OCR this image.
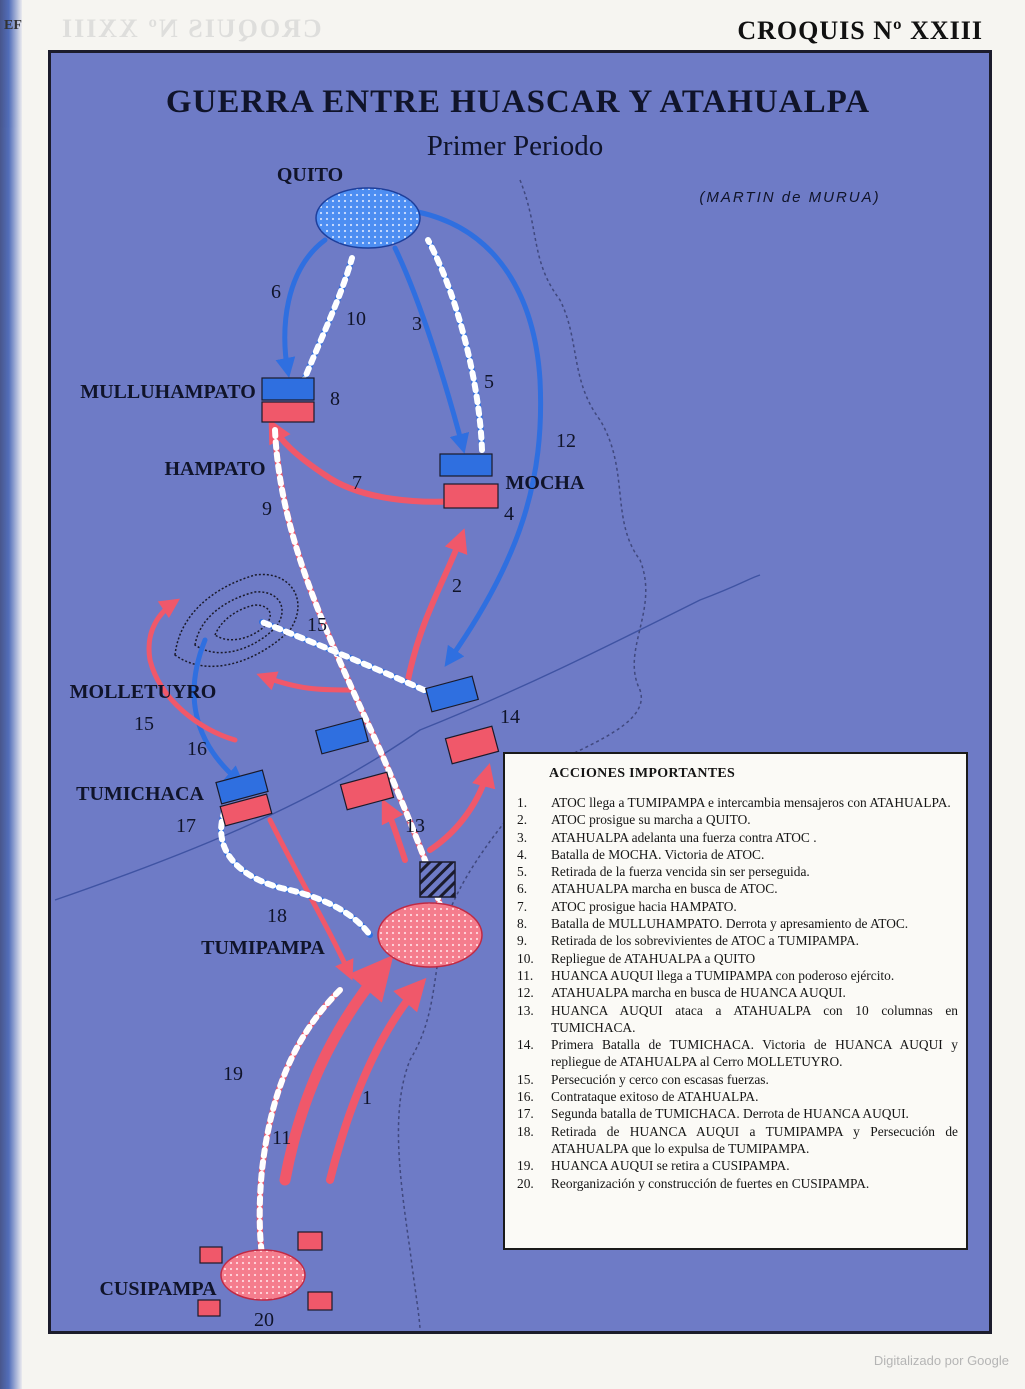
EF CROQUIS Nº XXIII	CROQUIS Nº XXIII
GUERRA ENTRE HUASCAR Y ATAHUALPA
Primer Periodo
(MARTIN de MURUA)
QUITO
MULLUHAMPATO
HAMPATO
MOCHA
MOLLETUYRO
TUMICHACA
TUMIPAMPA
CUSIPAMPA
1
2
3
4
5
6
7
8
9
10
11
12
13
14
15
15
16
17
18
19
20
ACCIONES IMPORTANTES
1.	ATOC llega a TUMIPAMPA e intercambia mensajeros con ATAHUALPA.
2.	ATOC prosigue su marcha a QUITO.
3.	ATAHUALPA adelanta una fuerza contra ATOC .
4.	Batalla de MOCHA. Victoria de ATOC.
5.	Retirada de la fuerza vencida sin ser perseguida.
6.	ATAHUALPA marcha en busca de ATOC.
7.	ATOC prosigue hacia HAMPATO.
8.	Batalla de MULLUHAMPATO. Derrota y apresamiento de ATOC.
9.	Retirada de los sobrevivientes de ATOC a TUMIPAMPA.
10.	Repliegue de ATAHUALPA a QUITO
11.	HUANCA AUQUI llega a TUMIPAMPA con poderoso ejército.
12.	ATAHUALPA marcha en busca de HUANCA AUQUI.
13.	HUANCA AUQUI ataca a ATAHUALPA con 10 columnas en TUMICHACA.
14.	Primera Batalla de TUMICHACA. Victoria de HUANCA AUQUI y repliegue de ATAHUALPA al Cerro MOLLETUYRO.
15.	Persecución y cerco con escasas fuerzas.
16.	Contrataque exitoso de ATAHUALPA.
17.	Segunda batalla de TUMICHACA. Derrota de HUANCA AUQUI.
18.	Retirada de HUANCA AUQUI a TUMIPAMPA y Persecución de ATAHUALPA que lo expulsa de TUMIPAMPA.
19.	HUANCA AUQUI se retira a CUSIPAMPA.
20.	Reorganización y construcción de fuertes en CUSIPAMPA.
Digitalizado por Google
